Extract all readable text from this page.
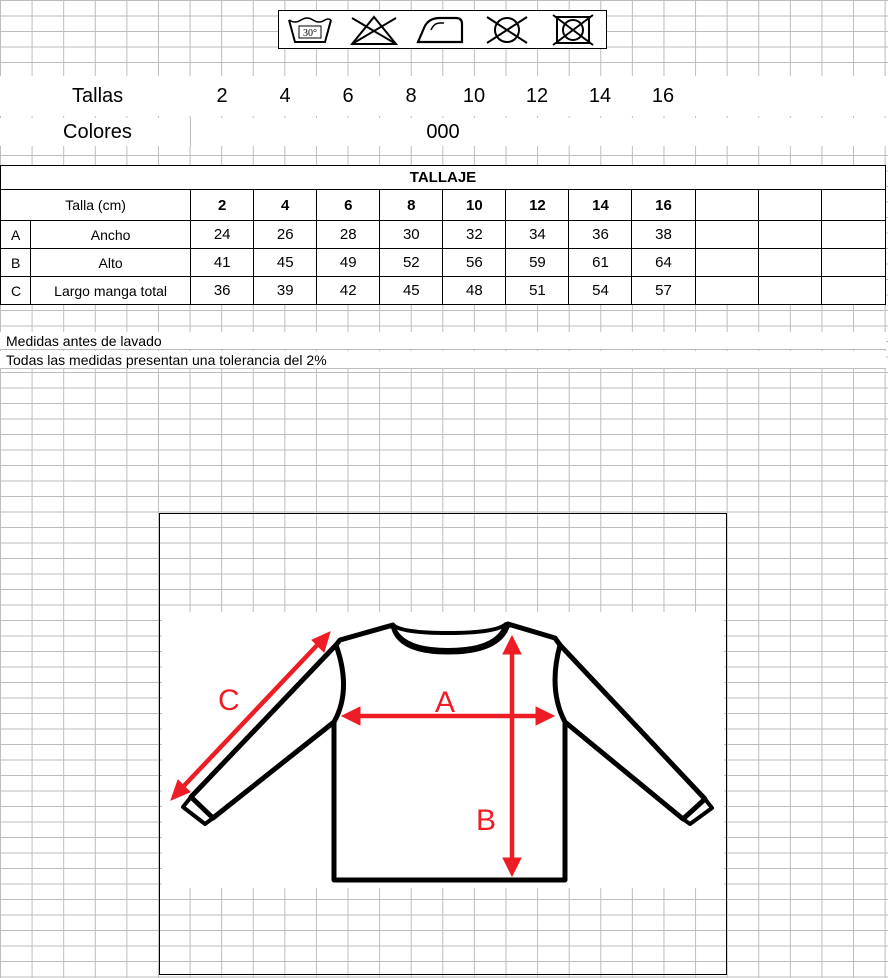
30°
Tallas	2	4	6	8	10	12	14	16
Colores	000
TALLAJE												
Talla (cm)		2	4	6	8	10	12	14	16			
A	Ancho	24	26	28	30	32	34	36	38			
B	Alto	41	45	49	52	56	59	61	64			
C	Largo manga total	36	39	42	45	48	51	54	57			
Medidas antes de lavado
Todas las medidas presentan una tolerancia del 2%
C	A
B
